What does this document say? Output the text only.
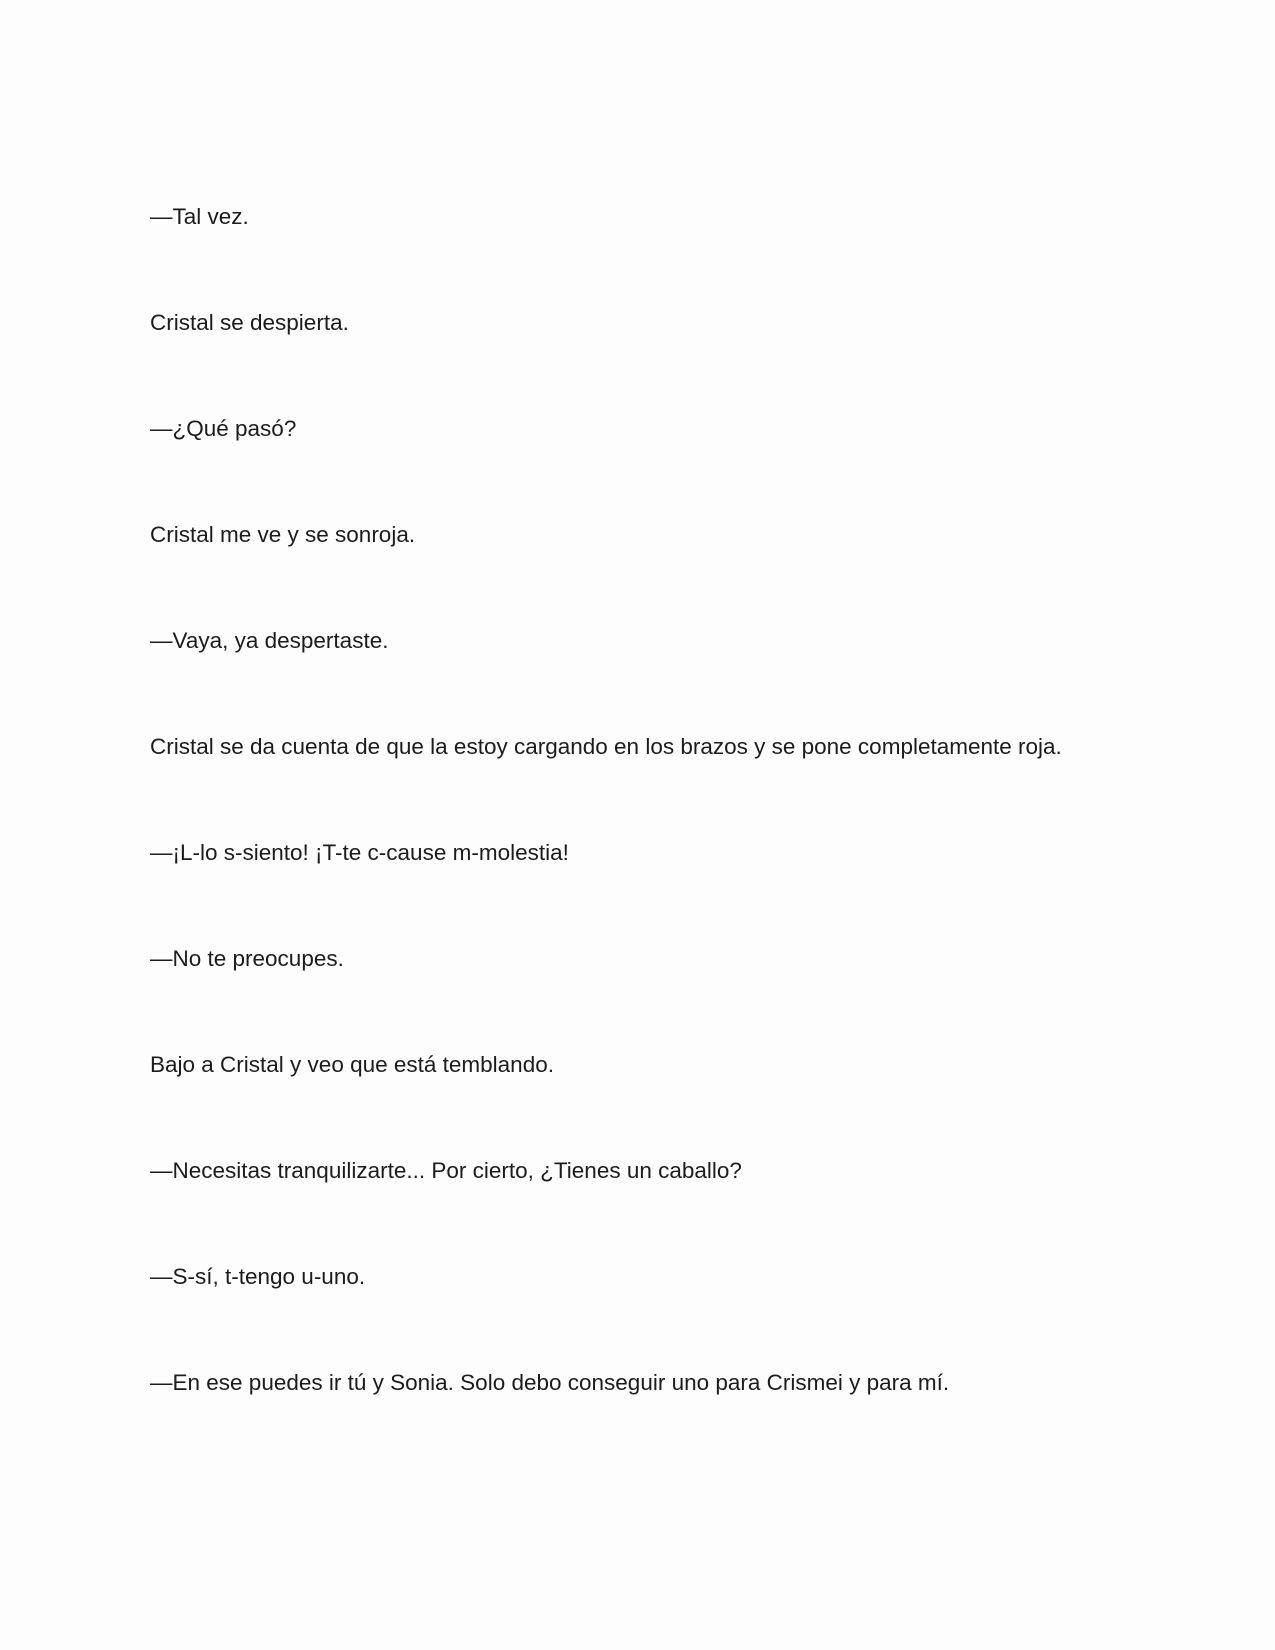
—Tal vez.

Cristal se despierta.

—¿Qué pasó?

Cristal me ve y se sonroja.

—Vaya, ya despertaste.

Cristal se da cuenta de que la estoy cargando en los brazos y se pone completamente roja.

—¡L-lo s-siento! ¡T-te c-cause m-molestia!

—No te preocupes.

Bajo a Cristal y veo que está temblando.

—Necesitas tranquilizarte... Por cierto, ¿Tienes un caballo?

—S-sí, t-tengo u-uno.

—En ese puedes ir tú y Sonia. Solo debo conseguir uno para Crismei y para mí.
